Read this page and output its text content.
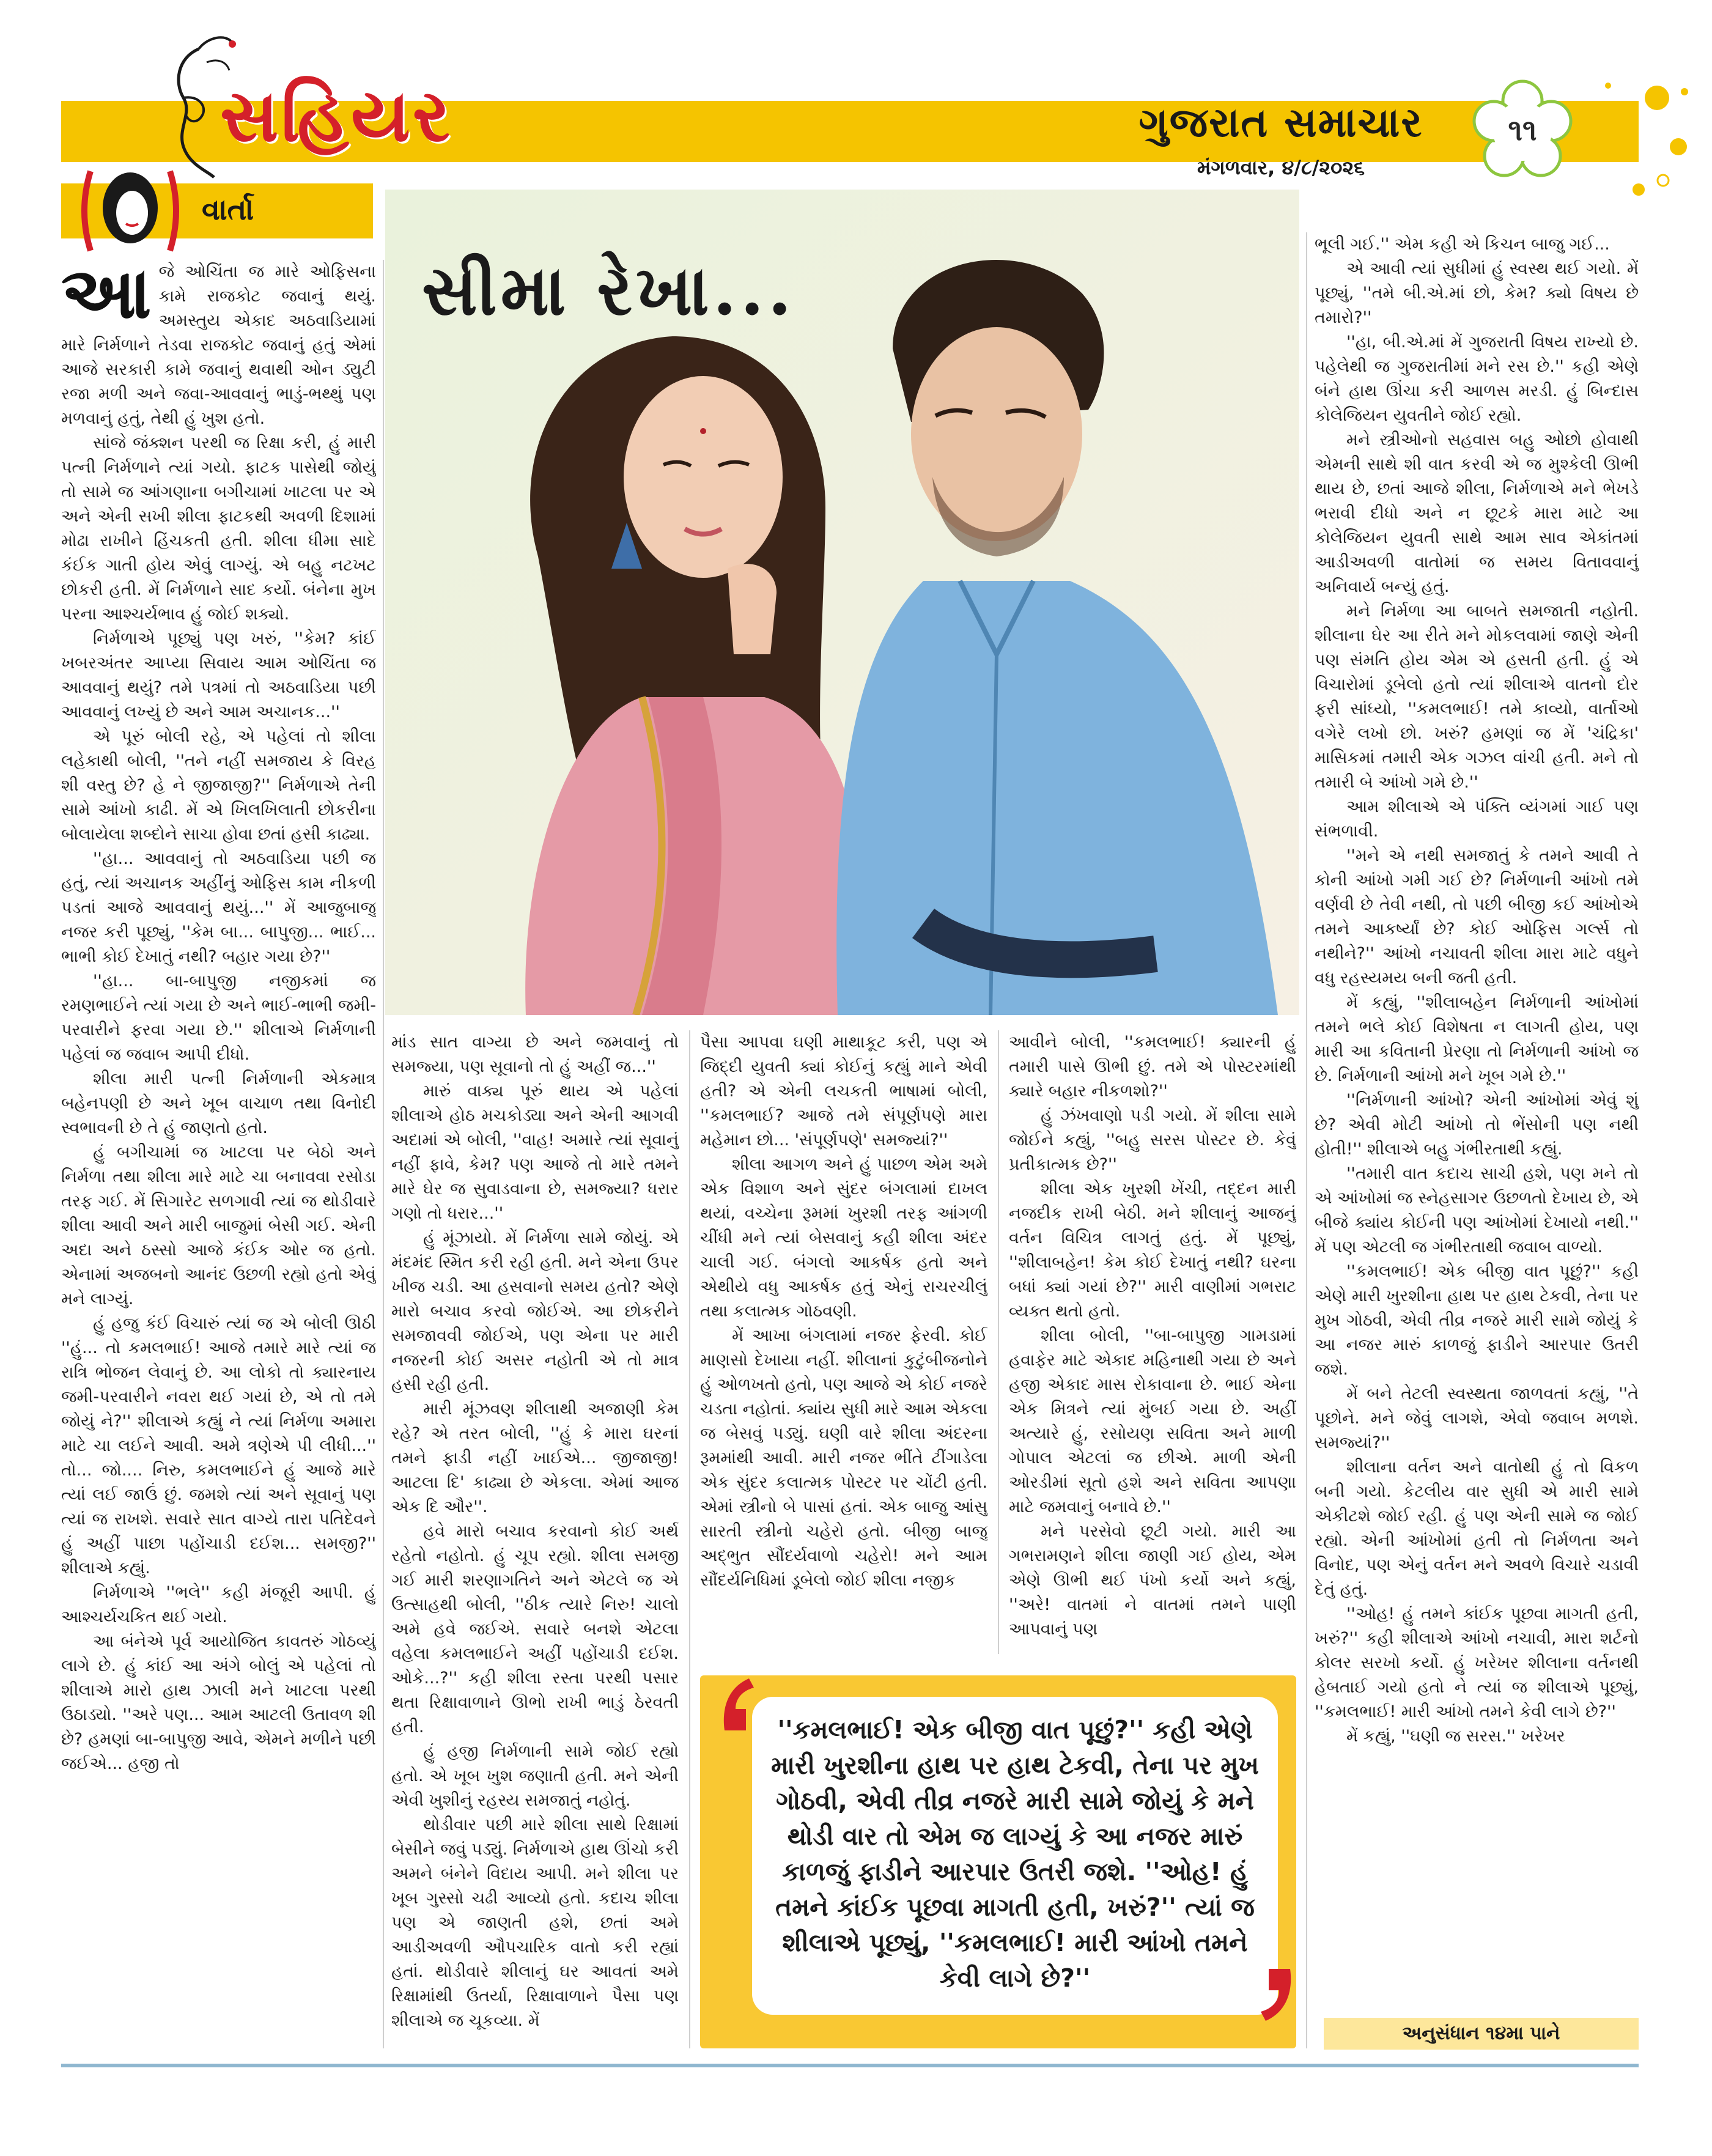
સહિયર	ગુજરાત સમાચાર
મંગળવાર, ૪/૮/૨૦૨૬
૧૧
વાર્તા
સીમા રેખા...

આજે ઓચિંતા જ મારે ઓફિસના કામે રાજકોટ જવાનું થયું. અમસ્તુય એકાદ અઠવાડિયામાં મારે નિર્મળાને તેડવા રાજકોટ જવાનું હતું એમાં આજે સરકારી કામે જવાનું થવાથી ઓન ડ્યુટી રજા મળી અને જવા-આવવાનું ભાડું-ભથ્થું પણ મળવાનું હતું, તેથી હું ખુશ હતો.

સાંજે જંક્શન પરથી જ રિક્ષા કરી, હું મારી પત્ની નિર્મળાને ત્યાં ગયો. ફાટક પાસેથી જોયું તો સામે જ આંગણાના બગીચામાં ખાટલા પર એ અને એની સખી શીલા ફાટકથી અવળી દિશામાં મોઢા રાખીને હિંચકતી હતી. શીલા ધીમા સાદે કંઈક ગાતી હોય એવું લાગ્યું. એ બહુ નટખટ છોકરી હતી. મેં નિર્મળાને સાદ કર્યો. બંનેના મુખ પરના આશ્ચર્યભાવ હું જોઈ શક્યો.

નિર્મળાએ પૂછ્યું પણ ખરું, ''કેમ? કાંઈ ખબરઅંતર આપ્યા સિવાય આમ ઓચિંતા જ આવવાનું થયું? તમે પત્રમાં તો અઠવાડિયા પછી આવવાનું લખ્યું છે અને આમ અચાનક...''

એ પૂરું બોલી રહે, એ પહેલાં તો શીલા લહેકાથી બોલી, ''તને નહીં સમજાય કે વિરહ શી વસ્તુ છે? હે ને જીજાજી?'' નિર્મળાએ તેની સામે આંખો કાઢી. મેં એ ખિલખિલાતી છોકરીના બોલાયેલા શબ્દોને સાચા હોવા છતાં હસી કાઢ્યા.

''હા... આવવાનું તો અઠવાડિયા પછી જ હતું, ત્યાં અચાનક અહીંનું ઓફિસ કામ નીકળી પડતાં આજે આવવાનું થયું...'' મેં આજુબાજુ નજર કરી પૂછ્યું, ''કેમ બા... બાપુજી... ભાઈ... ભાભી કોઈ દેખાતું નથી? બહાર ગયા છે?''

''હા... બા-બાપુજી નજીકમાં જ રમણભાઈને ત્યાં ગયા છે અને ભાઈ-ભાભી જમી-પરવારીને ફરવા ગયા છે.'' શીલાએ નિર્મળાની પહેલાં જ જવાબ આપી દીધો.

શીલા મારી પત્ની નિર્મળાની એકમાત્ર બહેનપણી છે અને ખૂબ વાચાળ તથા વિનોદી સ્વભાવની છે તે હું જાણતો હતો.

હું બગીચામાં જ ખાટલા પર બેઠો અને નિર્મળા તથા શીલા મારે માટે ચા બનાવવા રસોડા તરફ ગઈ. મેં સિગારેટ સળગાવી ત્યાં જ થોડીવારે શીલા આવી અને મારી બાજુમાં બેસી ગઈ. એની અદા અને ઠસ્સો આજે કંઈક ઓર જ હતો. એનામાં અજબનો આનંદ ઉછળી રહ્યો હતો એવું મને લાગ્યું.

હું હજુ કંઈ વિચારું ત્યાં જ એ બોલી ઊઠી ''હું... તો કમલભાઈ! આજે તમારે મારે ત્યાં જ રાત્રિ ભોજન લેવાનું છે. આ લોકો તો ક્યારનાય જમી-પરવારીને નવરા થઈ ગયાં છે, એ તો તમે જોયું ને?'' શીલાએ કહ્યું ને ત્યાં નિર્મળા અમારા માટે ચા લઈને આવી. અમે ત્રણેએ પી લીધી...'' તો... જો.... નિરુ, કમલભાઈને હું આજે મારે ત્યાં લઈ જાઉં છું. જમશે ત્યાં અને સૂવાનું પણ ત્યાં જ રાખશે. સવારે સાત વાગ્યે તારા પતિદેવને હું અહીં પાછા પહોંચાડી દઈશ... સમજી?'' શીલાએ કહ્યું.

નિર્મળાએ ''ભલે'' કહી મંજૂરી આપી. હું આશ્ચર્યચકિત થઈ ગયો.

આ બંનેએ પૂર્વ આયોજિત કાવતરું ગોઠવ્યું લાગે છે. હું કાંઈ આ અંગે બોલું એ પહેલાં તો શીલાએ મારો હાથ ઝાલી મને ખાટલા પરથી ઉઠાડ્યો. ''અરે પણ... આમ આટલી ઉતાવળ શી છે? હમણાં બા-બાપુજી આવે, એમને મળીને પછી જઈએ... હજી તો

માંડ સાત વાગ્યા છે અને જમવાનું તો સમજ્યા, પણ સૂવાનો તો હું અહીં જ...''

મારું વાક્ય પૂરું થાય એ પહેલાં શીલાએ હોઠ મચકોડ્યા અને એની આગવી અદામાં એ બોલી, ''વાહ! અમારે ત્યાં સૂવાનું નહીં ફાવે, કેમ? પણ આજે તો મારે તમને મારે ઘેર જ સુવાડવાના છે, સમજ્યા? ધરાર ગણો તો ધરાર...''

હું મૂંઝાયો. મેં નિર્મળા સામે જોયું. એ મંદમંદ સ્મિત કરી રહી હતી. મને એના ઉપર ખીજ ચડી. આ હસવાનો સમય હતો? એણે મારો બચાવ કરવો જોઈએ. આ છોકરીને સમજાવવી જોઈએ, પણ એના પર મારી નજરની કોઈ અસર નહોતી એ તો માત્ર હસી રહી હતી.

મારી મૂંઝવણ શીલાથી અજાણી કેમ રહે? એ તરત બોલી, ''હું કે મારા ઘરનાં તમને ફાડી નહીં ખાઈએ... જીજાજી! આટલા દિ' કાઢ્યા છે એકલા. એમાં આજ એક દિ ઔર''.

હવે મારો બચાવ કરવાનો કોઈ અર્થ રહેતો નહોતો. હું ચૂપ રહ્યો. શીલા સમજી ગઈ મારી શરણાગતિને અને એટલે જ એ ઉત્સાહથી બોલી, ''ઠીક ત્યારે નિરુ! ચાલો અમે હવે જઈએ. સવારે બનશે એટલા વહેલા કમલભાઈને અહીં પહોંચાડી દઈશ. ઓકે...?'' કહી શીલા રસ્તા પરથી પસાર થતા રિક્ષાવાળાને ઊભો રાખી ભાડું ઠેરવતી હતી.

હું હજી નિર્મળાની સામે જોઈ રહ્યો હતો. એ ખૂબ ખુશ જણાતી હતી. મને એની એવી ખુશીનું રહસ્ય સમજાતું નહોતું.

થોડીવાર પછી મારે શીલા સાથે રિક્ષામાં બેસીને જવું પડ્યું. નિર્મળાએ હાથ ઊંચો કરી અમને બંનેને વિદાય આપી. મને શીલા પર ખૂબ ગુસ્સો ચઢી આવ્યો હતો. કદાચ શીલા પણ એ જાણતી હશે, છતાં અમે આડીઅવળી ઔપચારિક વાતો કરી રહ્યાં હતાં. થોડીવારે શીલાનું ઘર આવતાં અમે રિક્ષામાંથી ઉતર્યા, રિક્ષાવાળાને પૈસા પણ શીલાએ જ ચૂકવ્યા. મેં

પૈસા આપવા ઘણી માથાકૂટ કરી, પણ એ જિદ્દી યુવતી ક્યાં કોઈનું કહ્યું માને એવી હતી? એ એની લચકતી ભાષામાં બોલી, ''કમલભાઈ? આજે તમે સંપૂર્ણપણે મારા મહેમાન છો... 'સંપૂર્ણપણે' સમજ્યાં?''

શીલા આગળ અને હું પાછળ એમ અમે એક વિશાળ અને સુંદર બંગલામાં દાખલ થયાં, વચ્ચેના રૂમમાં ખુરશી તરફ આંગળી ચીંધી મને ત્યાં બેસવાનું કહી શીલા અંદર ચાલી ગઈ. બંગલો આકર્ષક હતો અને એથીયે વધુ આકર્ષક હતું એનું રાચરચીલું તથા કલાત્મક ગોઠવણી.

મેં આખા બંગલામાં નજર ફેરવી. કોઈ માણસો દેખાયા નહીં. શીલાનાં કુટુંબીજનોને હું ઓળખતો હતો, પણ આજે એ કોઈ નજરે ચડતા નહોતાં. ક્યાંય સુધી મારે આમ એકલા જ બેસવું પડ્યું. ઘણી વારે શીલા અંદરના રૂમમાંથી આવી. મારી નજર ભીંતે ટીંગાડેલા એક સુંદર કલાત્મક પોસ્ટર પર ચોંટી હતી. એમાં સ્ત્રીનો બે પાસાં હતાં. એક બાજુ આંસુ સારતી સ્ત્રીનો ચહેરો હતો. બીજી બાજુ અદ્ભુત સૌંદર્યવાળો ચહેરો! મને આમ સૌંદર્યનિધિમાં ડૂબેલો જોઈ શીલા નજીક

આવીને બોલી, ''કમલભાઈ! ક્યારની હું તમારી પાસે ઊભી છું. તમે એ પોસ્ટરમાંથી ક્યારે બહાર નીકળશો?''

હું ઝંખવાણો પડી ગયો. મેં શીલા સામે જોઈને કહ્યું, ''બહુ સરસ પોસ્ટર છે. કેવું પ્રતીકાત્મક છે?''

શીલા એક ખુરશી ખેંચી, તદ્દન મારી નજદીક રાખી બેઠી. મને શીલાનું આજનું વર્તન વિચિત્ર લાગતું હતું. મેં પૂછ્યું, ''શીલાબહેન! કેમ કોઈ દેખાતું નથી? ઘરના બધાં ક્યાં ગયાં છે?'' મારી વાણીમાં ગભરાટ વ્યક્ત થતો હતો.

શીલા બોલી, ''બા-બાપુજી ગામડામાં હવાફેર માટે એકાદ મહિનાથી ગયા છે અને હજી એકાદ માસ રોકાવાના છે. ભાઈ એના એક મિત્રને ત્યાં મુંબઈ ગયા છે. અહીં અત્યારે હું, રસોયણ સવિતા અને માળી ગોપાલ એટલાં જ છીએ. માળી એની ઓરડીમાં સૂતો હશે અને સવિતા આપણા માટે જમવાનું બનાવે છે.''

મને પરસેવો છૂટી ગયો. મારી આ ગભરામણને શીલા જાણી ગઈ હોય, એમ એણે ઊભી થઈ પંખો કર્યો અને કહ્યું, ''અરે! વાતમાં ને વાતમાં તમને પાણી આપવાનું પણ

ભૂલી ગઈ.'' એમ કહી એ કિચન બાજુ ગઈ...

એ આવી ત્યાં સુધીમાં હું સ્વસ્થ થઈ ગયો. મેં પૂછ્યું, ''તમે બી.એ.માં છો, કેમ? ક્યો વિષય છે તમારો?''

''હા, બી.એ.માં મેં ગુજરાતી વિષય રાખ્યો છે. પહેલેથી જ ગુજરાતીમાં મને રસ છે.'' કહી એણે બંને હાથ ઊંચા કરી આળસ મરડી. હું બિન્દાસ કોલેજિયન યુવતીને જોઈ રહ્યો.

મને સ્ત્રીઓનો સહવાસ બહુ ઓછો હોવાથી એમની સાથે શી વાત કરવી એ જ મુશ્કેલી ઊભી થાય છે, છતાં આજે શીલા, નિર્મળાએ મને ભેખડે ભરાવી દીધો અને ન છૂટકે મારા માટે આ કોલેજિયન યુવતી સાથે આમ સાવ એકાંતમાં આડીઅવળી વાતોમાં જ સમય વિતાવવાનું અનિવાર્ય બન્યું હતું.

મને નિર્મળા આ બાબતે સમજાતી નહોતી. શીલાના ઘેર આ રીતે મને મોકલવામાં જાણે એની પણ સંમતિ હોય એમ એ હસતી હતી. હું એ વિચારોમાં ડૂબેલો હતો ત્યાં શીલાએ વાતનો દોર ફરી સાંધ્યો, ''કમલભાઈ! તમે કાવ્યો, વાર્તાઓ વગેરે લખો છો. ખરું? હમણાં જ મેં 'ચંદ્રિકા' માસિકમાં તમારી એક ગઝલ વાંચી હતી. મને તો તમારી બે આંખો ગમે છે.''

આમ શીલાએ એ પંક્તિ વ્યંગમાં ગાઈ પણ સંભળાવી.

''મને એ નથી સમજાતું કે તમને આવી તે કોની આંખો ગમી ગઈ છે? નિર્મળાની આંખો તમે વર્ણવી છે તેવી નથી, તો પછી બીજી કઈ આંખોએ તમને આકર્ષ્યાં છે? કોઈ ઓફિસ ગર્લ્સ તો નથીને?'' આંખો નચાવતી શીલા મારા માટે વધુને વધુ રહસ્યમય બની જતી હતી.

મેં કહ્યું, ''શીલાબહેન નિર્મળાની આંખોમાં તમને ભલે કોઈ વિશેષતા ન લાગતી હોય, પણ મારી આ કવિતાની પ્રેરણા તો નિર્મળાની આંખો જ છે. નિર્મળાની આંખો મને ખૂબ ગમે છે.''

''નિર્મળાની આંખો? એની આંખોમાં એવું શું છે? એવી મોટી આંખો તો ભેંસોની પણ નથી હોતી!'' શીલાએ બહુ ગંભીરતાથી કહ્યું.

''તમારી વાત કદાચ સાચી હશે, પણ મને તો એ આંખોમાં જ સ્નેહસાગર ઉછળતો દેખાય છે, એ બીજે ક્યાંય કોઈની પણ આંખોમાં દેખાયો નથી.'' મેં પણ એટલી જ ગંભીરતાથી જવાબ વાળ્યો.

''કમલભાઈ! એક બીજી વાત પૂછું?'' કહી એણે મારી ખુરશીના હાથ પર હાથ ટેકવી, તેના પર મુખ ગોઠવી, એવી તીવ્ર નજરે મારી સામે જોયું કે આ નજર મારું કાળજું ફાડીને આરપાર ઉતરી જશે.

મેં બને તેટલી સ્વસ્થતા જાળવતાં કહ્યું, ''તે પૂછોને. મને જેવું લાગશે, એવો જવાબ મળશે. સમજ્યાં?''

શીલાના વર્તન અને વાતોથી હું તો વિકળ બની ગયો. કેટલીય વાર સુધી એ મારી સામે એકીટશે જોઈ રહી. હું પણ એની સામે જ જોઈ રહ્યો. એની આંખોમાં હતી તો નિર્મળતા અને વિનોદ, પણ એનું વર્તન મને અવળે વિચારે ચડાવી દેતું હતું.

''ઓહ! હું તમને કાંઈક પૂછવા માગતી હતી, ખરું?'' કહી શીલાએ આંખો નચાવી, મારા શર્ટનો કોલર સરખો કર્યો. હું ખરેખર શીલાના વર્તનથી હેબતાઈ ગયો હતો ને ત્યાં જ શીલાએ પૂછ્યું, ''કમલભાઈ! મારી આંખો તમને કેવી લાગે છે?''

મેં કહ્યું, ''ઘણી જ સરસ.'' ખરેખર

''કમલભાઈ! એક બીજી વાત પૂછું?'' કહી એણે મારી ખુરશીના હાથ પર હાથ ટેકવી, તેના પર મુખ ગોઠવી, એવી તીવ્ર નજરે મારી સામે જોયું કે મને થોડી વાર તો એમ જ લાગ્યું કે આ નજર મારું કાળજું ફાડીને આરપાર ઉતરી જશે. ''ઓહ! હું તમને કાંઈક પૂછવા માગતી હતી, ખરું?'' ત્યાં જ શીલાએ પૂછ્યું, ''કમલભાઈ! મારી આંખો તમને કેવી લાગે છે?''
અનુસંધાન ૧૪મા પાને
